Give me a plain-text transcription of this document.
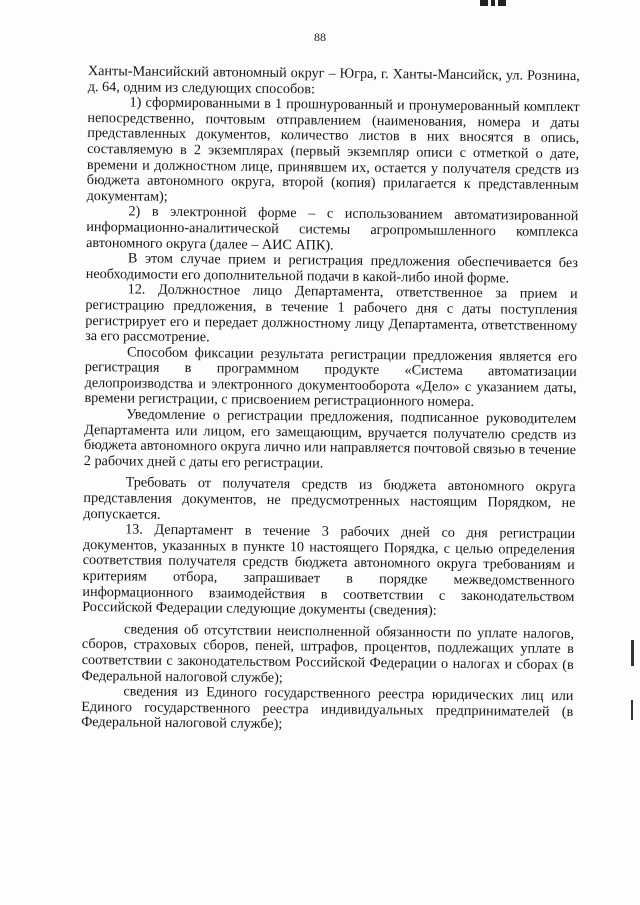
88

Ханты-Мансийский автономный округ – Югра, г. Ханты-Мансийск, ул. Рознина, д. 64, одним из следующих способов:

1) сформированными в 1 прошнурованный и пронумерованный комплект непосредственно, почтовым отправлением (наименования, номера и даты представленных документов, количество листов в них вносятся в опись, составляемую в 2 экземплярах (первый экземпляр описи с отметкой о дате, времени и должностном лице, принявшем их, остается у получателя средств из бюджета автономного округа, второй (копия) прилагается к представленным документам);

2) в электронной форме – с использованием автоматизированной информационно-аналитической системы агропромышленного комплекса автономного округа (далее – АИС АПК).

В этом случае прием и регистрация предложения обеспечивается без необходимости его дополнительной подачи в какой-либо иной форме.

12. Должностное лицо Департамента, ответственное за прием и регистрацию предложения, в течение 1 рабочего дня с даты поступления регистрирует его и передает должностному лицу Департамента, ответственному за его рассмотрение.

Способом фиксации результата регистрации предложения является его регистрация в программном продукте «Система автоматизации делопроизводства и электронного документооборота «Дело» с указанием даты, времени регистрации, с присвоением регистрационного номера.

Уведомление о регистрации предложения, подписанное руководителем Департамента или лицом, его замещающим, вручается получателю средств из бюджета автономного округа лично или направляется почтовой связью в течение 2 рабочих дней с даты его регистрации.

Требовать от получателя средств из бюджета автономного округа представления документов, не предусмотренных настоящим Порядком, не допускается.

13. Департамент в течение 3 рабочих дней со дня регистрации документов, указанных в пункте 10 настоящего Порядка, с целью определения соответствия получателя средств бюджета автономного округа требованиям и критериям отбора, запрашивает в порядке межведомственного информационного взаимодействия в соответствии с законодательством Российской Федерации следующие документы (сведения):

сведения об отсутствии неисполненной обязанности по уплате налогов, сборов, страховых сборов, пеней, штрафов, процентов, подлежащих уплате в соответствии с законодательством Российской Федерации о налогах и сборах (в Федеральной налоговой службе);

сведения из Единого государственного реестра юридических лиц или Единого государственного реестра индивидуальных предпринимателей (в Федеральной налоговой службе);
